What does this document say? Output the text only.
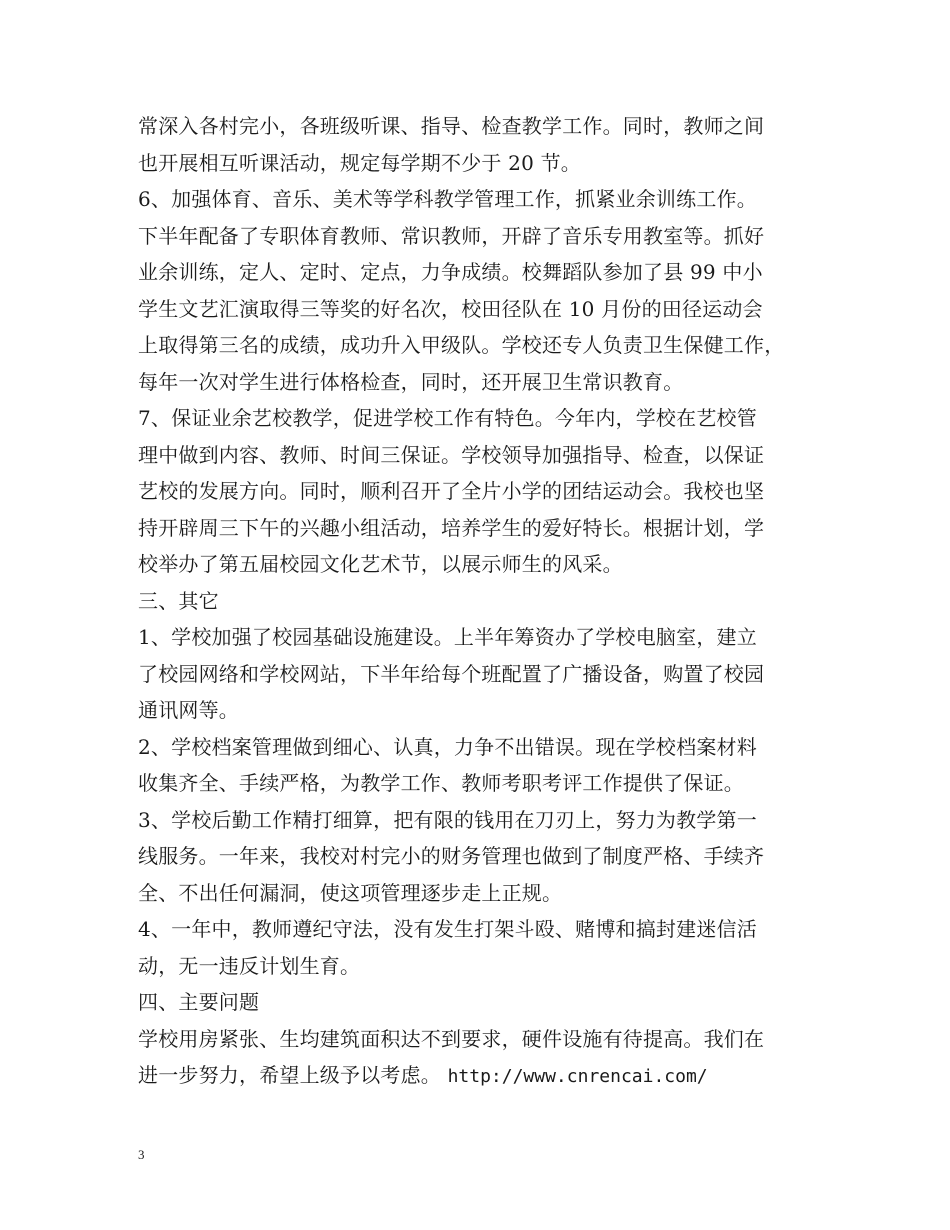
常深入各村完小，各班级听课、指导、检查教学工作。同时，教师之间
也开展相互听课活动，规定每学期不少于 20 节。
6、加强体育、音乐、美术等学科教学管理工作，抓紧业余训练工作。
下半年配备了专职体育教师、常识教师，开辟了音乐专用教室等。抓好
业余训练，定人、定时、定点，力争成绩。校舞蹈队参加了县 99 中小
学生文艺汇演取得三等奖的好名次，校田径队在 10 月份的田径运动会
上取得第三名的成绩，成功升入甲级队。学校还专人负责卫生保健工作，
每年一次对学生进行体格检查，同时，还开展卫生常识教育。
7、保证业余艺校教学，促进学校工作有特色。今年内，学校在艺校管
理中做到内容、教师、时间三保证。学校领导加强指导、检查，以保证
艺校的发展方向。同时，顺利召开了全片小学的团结运动会。我校也坚
持开辟周三下午的兴趣小组活动，培养学生的爱好特长。根据计划，学
校举办了第五届校园文化艺术节，以展示师生的风采。
三、其它
1、学校加强了校园基础设施建设。上半年筹资办了学校电脑室，建立
了校园网络和学校网站，下半年给每个班配置了广播设备，购置了校园
通讯网等。
2、学校档案管理做到细心、认真，力争不出错误。现在学校档案材料
收集齐全、手续严格，为教学工作、教师考职考评工作提供了保证。
3、学校后勤工作精打细算，把有限的钱用在刀刃上，努力为教学第一
线服务。一年来，我校对村完小的财务管理也做到了制度严格、手续齐
全、不出任何漏洞，使这项管理逐步走上正规。
4、一年中，教师遵纪守法，没有发生打架斗殴、赌博和搞封建迷信活
动，无一违反计划生育。
四、主要问题
学校用房紧张、生均建筑面积达不到要求，硬件设施有待提高。我们在
进一步努力，希望上级予以考虑。 http://www.cnrencai.com/
3
